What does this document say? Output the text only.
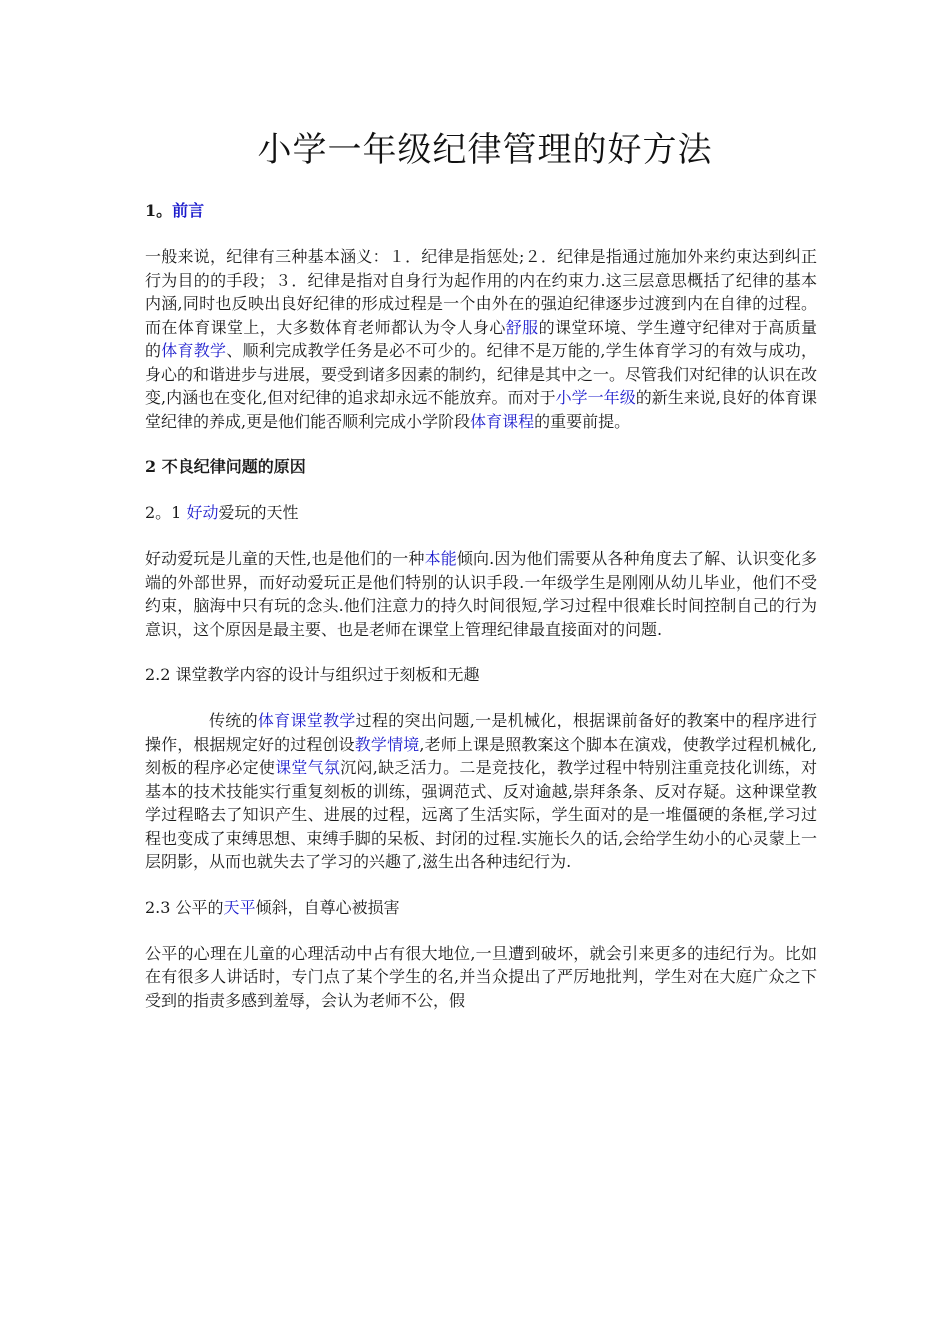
小学一年级纪律管理的好方法
1。前言

一般来说，纪律有三种基本涵义：１．纪律是指惩处;２．纪律是指通过施加外来约束达到纠正行为目的的手段；３．纪律是指对自身行为起作用的内在约束力.这三层意思概括了纪律的基本内涵,同时也反映出良好纪律的形成过程是一个由外在的强迫纪律逐步过渡到内在自律的过程。而在体育课堂上，大多数体育老师都认为令人身心舒服的课堂环境、学生遵守纪律对于高质量的体育教学、顺利完成教学任务是必不可少的。纪律不是万能的,学生体育学习的有效与成功，身心的和谐进步与进展，要受到诸多因素的制约，纪律是其中之一。尽管我们对纪律的认识在改变,内涵也在变化,但对纪律的追求却永远不能放弃。而对于小学一年级的新生来说,良好的体育课堂纪律的养成,更是他们能否顺利完成小学阶段体育课程的重要前提。

2 不良纪律问题的原因
2。1 好动爱玩的天性

好动爱玩是儿童的天性,也是他们的一种本能倾向.因为他们需要从各种角度去了解、认识变化多端的外部世界，而好动爱玩正是他们特别的认识手段.一年级学生是刚刚从幼儿毕业，他们不受约束，脑海中只有玩的念头.他们注意力的持久时间很短,学习过程中很难长时间控制自己的行为意识，这个原因是最主要、也是老师在课堂上管理纪律最直接面对的问题.

2.2 课堂教学内容的设计与组织过于刻板和无趣

传统的体育课堂教学过程的突出问题,一是机械化，根据课前备好的教案中的程序进行操作，根据规定好的过程创设教学情境,老师上课是照教案这个脚本在演戏，使教学过程机械化,刻板的程序必定使课堂气氛沉闷,缺乏活力。二是竞技化，教学过程中特别注重竞技化训练，对基本的技术技能实行重复刻板的训练，强调范式、反对逾越,崇拜条条、反对存疑。这种课堂教学过程略去了知识产生、进展的过程，远离了生活实际，学生面对的是一堆僵硬的条框,学习过程也变成了束缚思想、束缚手脚的呆板、封闭的过程.实施长久的话,会给学生幼小的心灵蒙上一层阴影，从而也就失去了学习的兴趣了,滋生出各种违纪行为.

2.3 公平的天平倾斜，自尊心被损害

公平的心理在儿童的心理活动中占有很大地位,一旦遭到破坏，就会引来更多的违纪行为。比如在有很多人讲话时，专门点了某个学生的名,并当众提出了严厉地批判，学生对在大庭广众之下受到的指责多感到羞辱，会认为老师不公，假
